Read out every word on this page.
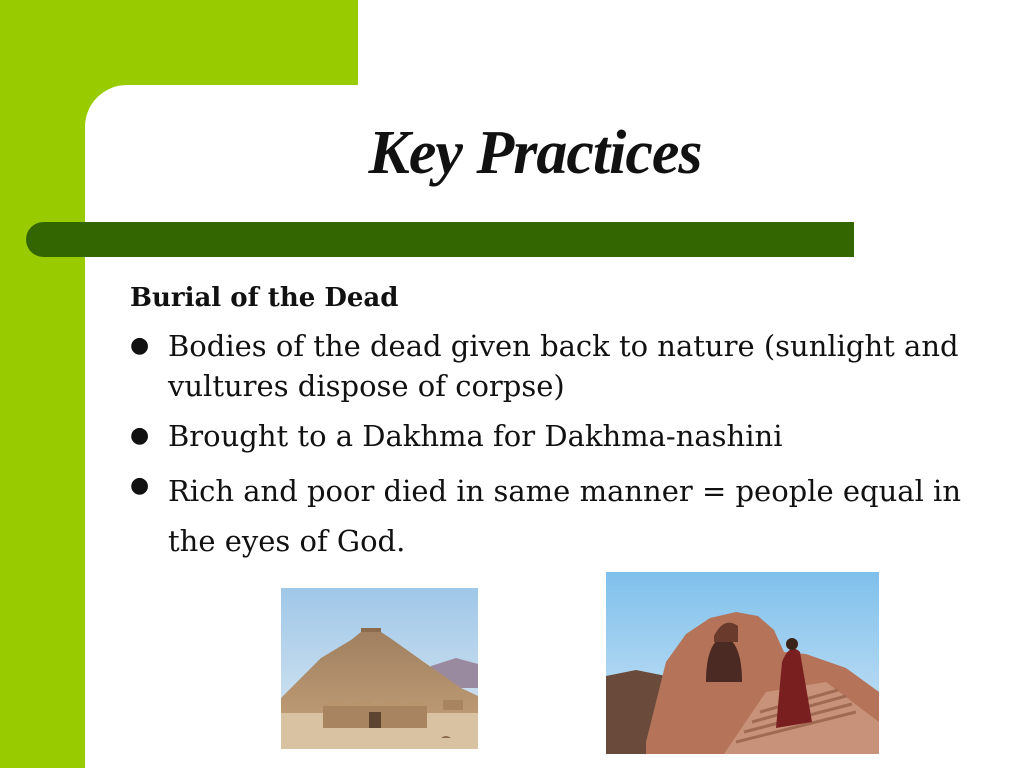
Key Practices
Burial of the Dead
● Bodies of the dead given back to nature (sunlight and vultures dispose of corpse)
● Brought to a Dakhma for Dakhma-nashini
● Rich and poor died in same manner = people equal in the eyes of God.
